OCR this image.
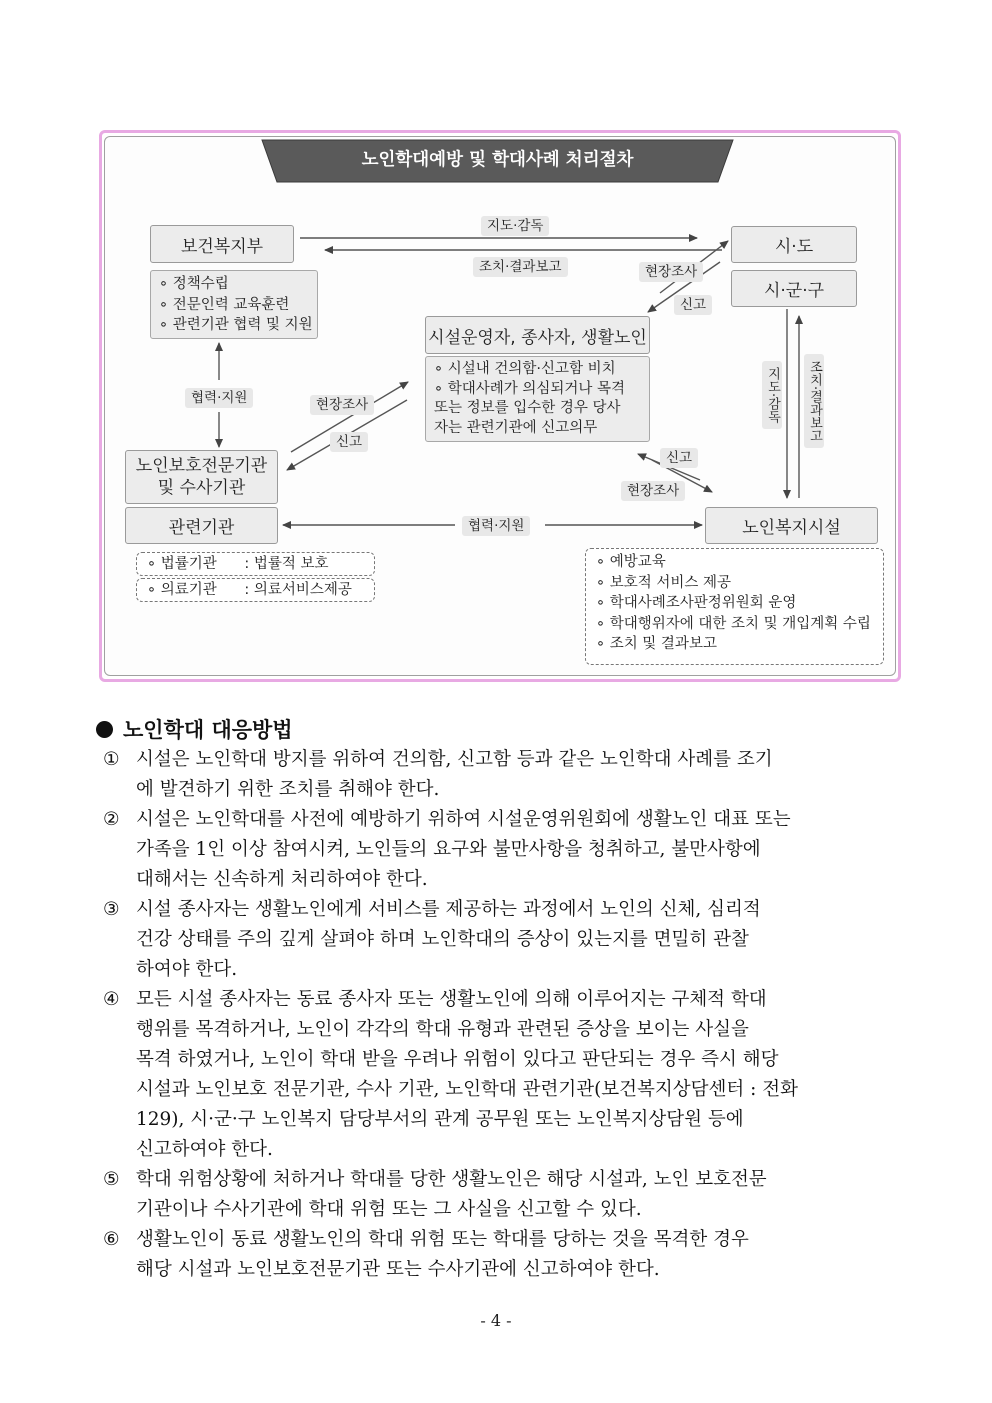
노인학대예방 및 학대사례 처리절차
보건복지부	시·도
시·군·구
시설운영자, 종사자, 생활노인
노인보호전문기관
및 수사기관
관련기관	노인복지시설
∘ 정책수립
∘ 전문인력 교육훈련
∘ 관련기관 협력 및 지원
∘ 시설내 건의함·신고함 비치
∘ 학대사례가 의심되거나 목격
또는 정보를 입수한 경우 당사
자는 관련기관에 신고의무
∘ 법률기관      : 법률적 보호
∘ 의료기관      : 의료서비스제공
∘ 예방교육
∘ 보호적 서비스 제공
∘ 학대사례조사판정위원회 운영
∘ 학대행위자에 대한 조치 및 개입계획 수립
∘ 조치 및 결과보고
지도·감독
조치·결과보고	현장조사
신고
협력·지원	현장조사
신고
신고
현장조사
협력·지원
지도·감독 조치·결과보고
노인학대 대응방법
① 시설은 노인학대 방지를 위하여 건의함, 신고함 등과 같은 노인학대 사례를 조기
에 발견하기 위한 조치를 취해야 한다.
② 시설은 노인학대를 사전에 예방하기 위하여 시설운영위원회에 생활노인 대표 또는
가족을 1인 이상 참여시켜, 노인들의 요구와 불만사항을 청취하고, 불만사항에
대해서는 신속하게 처리하여야 한다.
③ 시설 종사자는 생활노인에게 서비스를 제공하는 과정에서 노인의 신체, 심리적
건강 상태를 주의 깊게 살펴야 하며 노인학대의 증상이 있는지를 면밀히 관찰
하여야 한다.
④ 모든 시설 종사자는 동료 종사자 또는 생활노인에 의해 이루어지는 구체적 학대
행위를 목격하거나, 노인이 각각의 학대 유형과 관련된 증상을 보이는 사실을
목격 하였거나, 노인이 학대 받을 우려나 위험이 있다고 판단되는 경우 즉시 해당
시설과 노인보호 전문기관, 수사 기관, 노인학대 관련기관(보건복지상담센터 : 전화
129), 시·군·구 노인복지 담당부서의 관계 공무원 또는 노인복지상담원 등에
신고하여야 한다.
⑤ 학대 위험상황에 처하거나 학대를 당한 생활노인은 해당 시설과, 노인 보호전문
기관이나 수사기관에 학대 위험 또는 그 사실을 신고할 수 있다.
⑥ 생활노인이 동료 생활노인의 학대 위험 또는 학대를 당하는 것을 목격한 경우
해당 시설과 노인보호전문기관 또는 수사기관에 신고하여야 한다.
- 4 -
